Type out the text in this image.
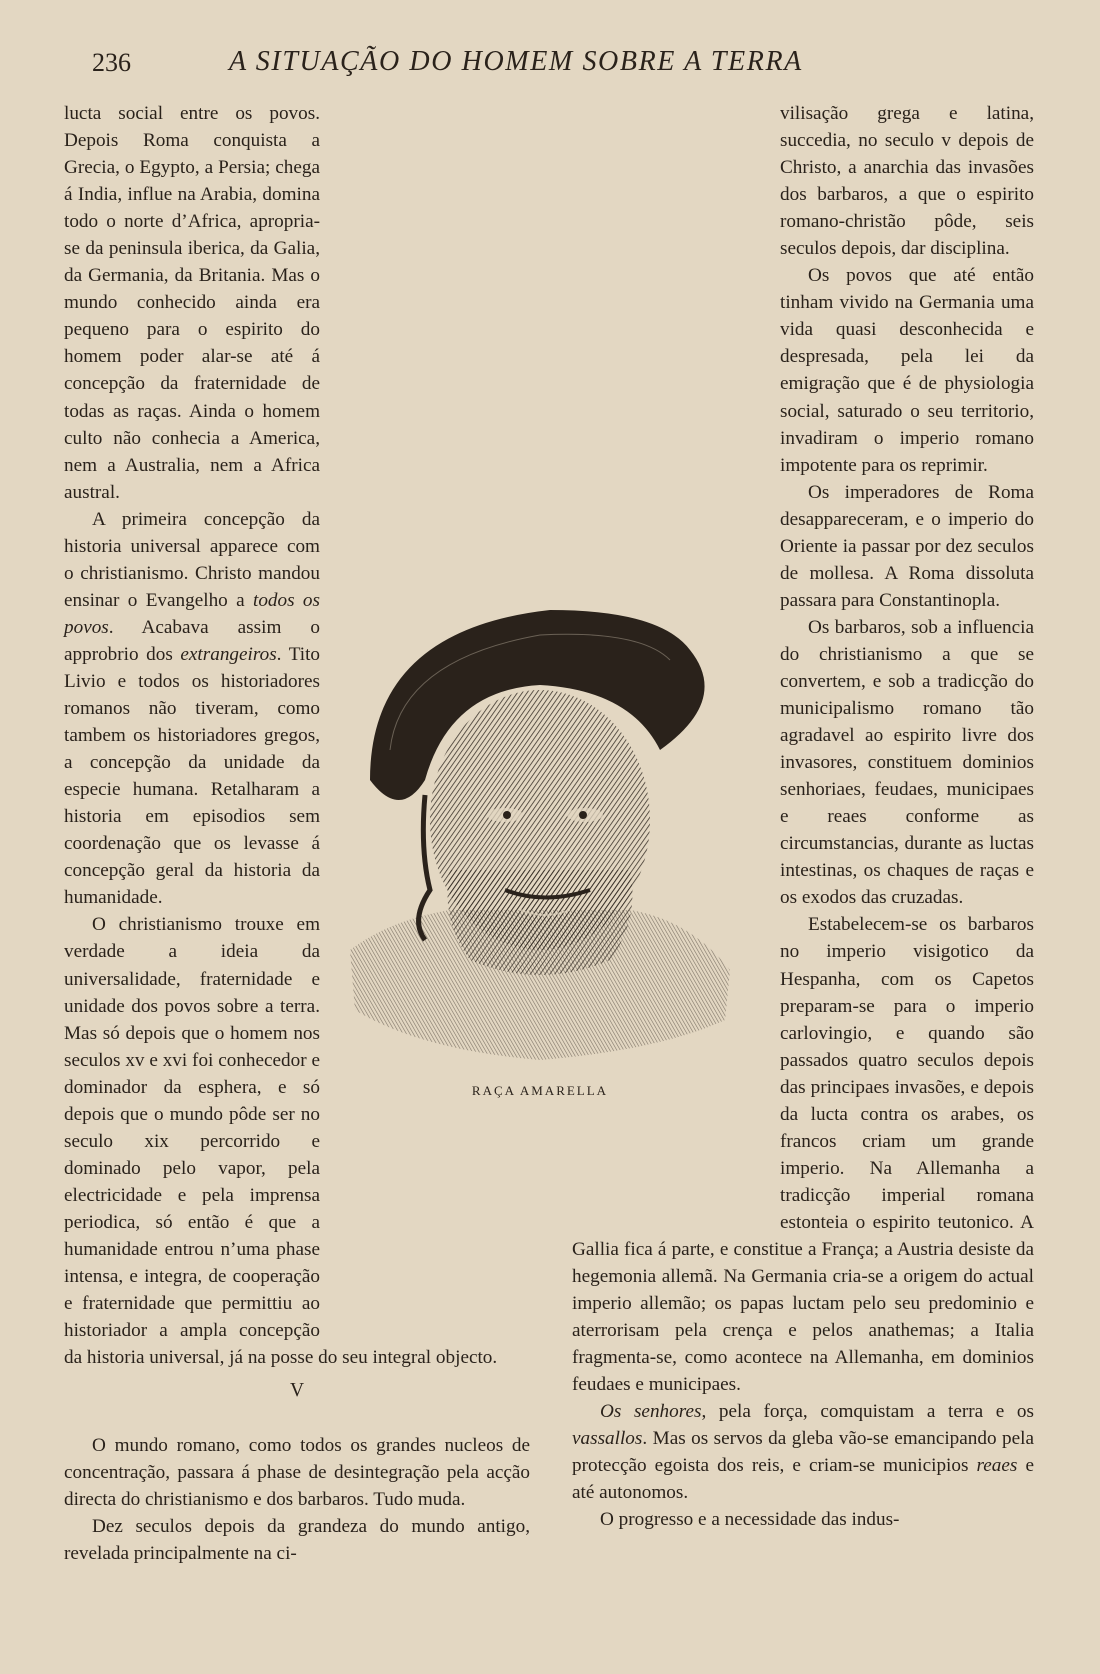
236	A SITUAÇÃO DO HOMEM SOBRE A TERRA

lucta social entre os povos. Depois Roma conquista a Grecia, o Egypto, a Persia; chega á India, influe na Arabia, domina todo o norte d’Africa, apropria-se da peninsula iberica, da Galia, da Germania, da Britania. Mas o mundo conhecido ainda era pequeno para o espirito do homem poder alar-se até á concepção da fraternidade de todas as raças. Ainda o homem culto não conhecia a America, nem a Australia, nem a Africa austral.

A primeira concepção da historia universal apparece com o christianismo. Christo mandou ensinar o Evangelho a todos os povos. Acabava assim o approbrio dos extrangeiros. Tito Livio e todos os historiadores romanos não tiveram, como tambem os historiadores gregos, a concepção da unidade da especie humana. Retalharam a historia em episodios sem coordenação que os levasse á concepção geral da historia da humanidade.

O christianismo trouxe em verdade a ideia da universalidade, fraternidade e unidade dos povos sobre a terra. Mas só depois que o homem nos seculos xv e xvi foi conhecedor e dominador da esphera, e só depois que o mundo pôde ser no seculo xix percorrido e dominado pelo vapor, pela electricidade e pela imprensa periodica, só então é que a humanidade entrou n’uma phase intensa, e integra, de cooperação e fraternidade que permittiu ao historiador a ampla concepção da historia universal, já na posse do seu integral objecto.

V

O mundo romano, como todos os grandes nucleos de concentração, passara á phase de desintegração pela acção directa do christianismo e dos barbaros. Tudo muda.

Dez seculos depois da grandeza do mundo antigo, revelada principalmente na ci-

vilisação grega e latina, succedia, no seculo v depois de Christo, a anarchia das invasões dos barbaros, a que o espirito romano-christão pôde, seis seculos depois, dar disciplina.

Os povos que até então tinham vivido na Germania uma vida quasi desconhecida e despresada, pela lei da emigração que é de physiologia social, saturado o seu territorio, invadiram o imperio romano impotente para os reprimir.

Os imperadores de Roma desappareceram, e o imperio do Oriente ia passar por dez seculos de mollesa. A Roma dissoluta passara para Constantinopla.

Os barbaros, sob a influencia do christianismo a que se convertem, e sob a tradicção do municipalismo romano tão agradavel ao espirito livre dos invasores, constituem dominios senhoriaes, feudaes, municipaes e reaes conforme as circumstancias, durante as luctas intestinas, os chaques de raças e os exodos das cruzadas.

Estabelecem-se os barbaros no imperio visigotico da Hespanha, com os Capetos preparam-se para o imperio carlovingio, e quando são passados quatro seculos depois das principaes invasões, e depois da lucta contra os arabes, os francos criam um grande imperio. Na Allemanha a tradicção imperial romana estonteia o espirito teutonico. A Gallia fica á parte, e constitue a França; a Austria desiste da hegemonia allemã. Na Germania cria-se a origem do actual imperio allemão; os papas luctam pelo seu predominio e aterrorisam pela crença e pelos anathemas; a Italia fragmenta-se, como acontece na Allemanha, em dominios feudaes e municipaes.

Os senhores, pela força, comquistam a terra e os vassallos. Mas os servos da gleba vão-se emancipando pela protecção egoista dos reis, e criam-se municipios reaes e até autonomos.

O progresso e a necessidade das indus-

RAÇA AMARELLA
